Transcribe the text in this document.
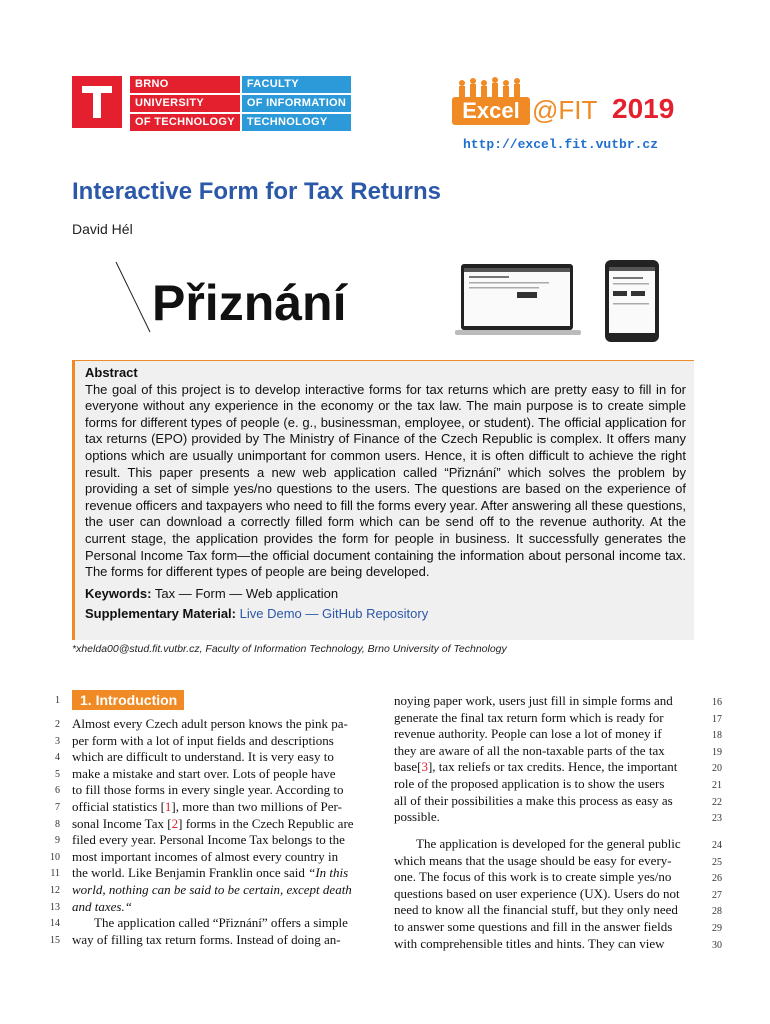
BRNO	FACULTY
UNIVERSITY	OF INFORMATION
OF TECHNOLOGY	TECHNOLOGY	Excel @FIT 2019
http://excel.fit.vutbr.cz
Interactive Form for Tax Returns
David Hél
Přiznání
Abstract

The goal of this project is to develop interactive forms for tax returns which are pretty easy to fill in for everyone without any experience in the economy or the tax law. The main purpose is to create simple forms for different types of people (e. g., businessman, employee, or student). The official application for tax returns (EPO) provided by The Ministry of Finance of the Czech Republic is complex. It offers many options which are usually unimportant for common users. Hence, it is often difficult to achieve the right result. This paper presents a new web application called “Přiznání” which solves the problem by providing a set of simple yes/no questions to the users. The questions are based on the experience of revenue officers and taxpayers who need to fill the forms every year. After answering all these questions, the user can download a correctly filled form which can be send off to the revenue authority. At the current stage, the application provides the form for people in business. It successfully generates the Personal Income Tax form—the official document containing the information about personal income tax. The forms for different types of people are being developed.

Keywords: Tax — Form — Web application
Supplementary Material: Live Demo — GitHub Repository
*xhelda00@stud.fit.vutbr.cz, Faculty of Information Technology, Brno University of Technology
1. Introduction
1
2
3
4
5
6
7
8
9
10
11
12
13
14
15
Almost every Czech adult person knows the pink pa-
per form with a lot of input fields and descriptions
which are difficult to understand. It is very easy to
make a mistake and start over. Lots of people have
to fill those forms in every single year. According to
official statistics [1], more than two millions of Per-
sonal Income Tax [2] forms in the Czech Republic are
filed every year. Personal Income Tax belongs to the
most important incomes of almost every country in
the world. Like Benjamin Franklin once said “In this
world, nothing can be said to be certain, except death
and taxes.“
The application called “Přiznání” offers a simple
way of filling tax return forms. Instead of doing an-
16
17
18
19
20
21
22
23
24
25
26
27
28
29
30
noying paper work, users just fill in simple forms and
generate the final tax return form which is ready for
revenue authority. People can lose a lot of money if
they are aware of all the non-taxable parts of the tax
base[3], tax reliefs or tax credits. Hence, the important
role of the proposed application is to show the users
all of their possibilities a make this process as easy as
possible.
The application is developed for the general public
which means that the usage should be easy for every-
one. The focus of this work is to create simple yes/no
questions based on user experience (UX). Users do not
need to know all the financial stuff, but they only need
to answer some questions and fill in the answer fields
with comprehensible titles and hints. They can view
